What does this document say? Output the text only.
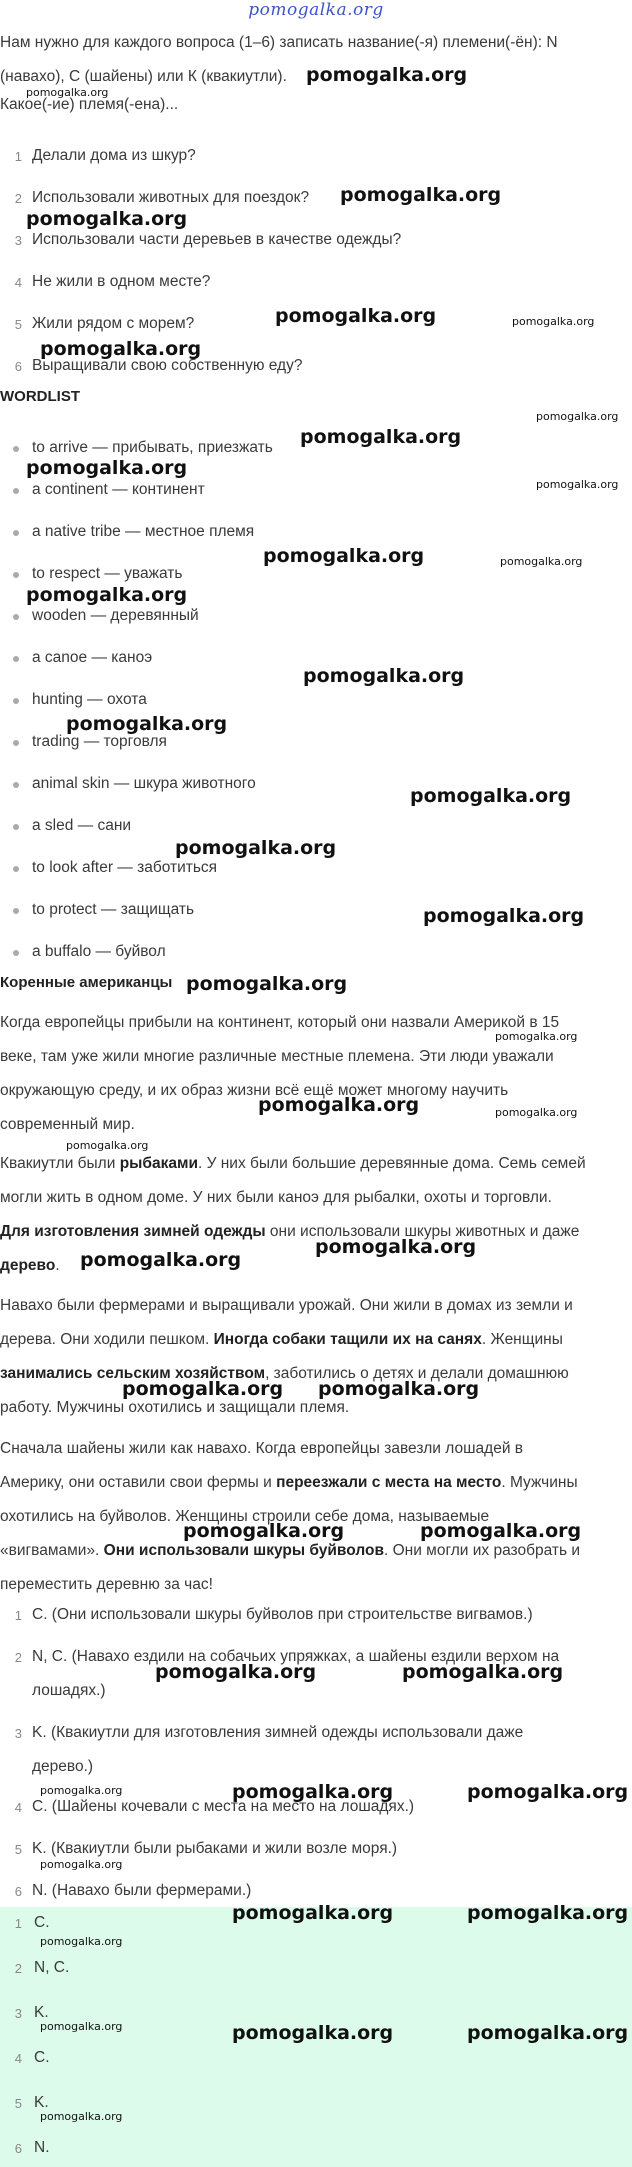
pomogalka.org
Нам нужно для каждого вопроса (1–6) записать название(-я) племени(-ён): N
(навахо), С (шайены) или К (квакиутли).
Какое(-ие) племя(-ена)...
1 Делали дома из шкур?
2 Использовали животных для поездок?
3 Использовали части деревьев в качестве одежды?
4 Не жили в одном месте?
5 Жили рядом с морем?
6 Выращивали свою собственную еду?
WORDLIST
to arrive — прибывать, приезжать
a continent — континент
a native tribe — местное племя
to respect — уважать
wooden — деревянный
a canoe — каноэ
hunting — охота
trading — торговля
animal skin — шкура животного
a sled — сани
to look after — заботиться
to protect — защищать
a buffalo — буйвол
Коренные американцы
Когда европейцы прибыли на континент, который они назвали Америкой в 15
веке, там уже жили многие различные местные племена. Эти люди уважали
окружающую среду, и их образ жизни всё ещё может многому научить
современный мир.
Квакиутли были рыбаками. У них были большие деревянные дома. Семь семей
могли жить в одном доме. У них были каноэ для рыбалки, охоты и торговли.
Для изготовления зимней одежды они использовали шкуры животных и даже
дерево.
Навахо были фермерами и выращивали урожай. Они жили в домах из земли и
дерева. Они ходили пешком. Иногда собаки тащили их на санях. Женщины
занимались сельским хозяйством, заботились о детях и делали домашнюю
работу. Мужчины охотились и защищали племя.
Сначала шайены жили как навахо. Когда европейцы завезли лошадей в
Америку, они оставили свои фермы и переезжали с места на место. Мужчины
охотились на буйволов. Женщины строили себе дома, называемые
«вигвамами». Они использовали шкуры буйволов. Они могли их разобрать и
переместить деревню за час!
1 C. (Они использовали шкуры буйволов при строительстве вигвамов.)
2 N, C. (Навахо ездили на собачьих упряжках, а шайены ездили верхом на
лошадях.)
3 K. (Квакиутли для изготовления зимней одежды использовали даже
дерево.)
4 C. (Шайены кочевали с места на место на лошадях.)
5 K. (Квакиутли были рыбаками и жили возле моря.)
6 N. (Навахо были фермерами.)
1 C.
2 N, C.
3 K.
4 C.
5 K.
6 N.
pomogalka.org
pomogalka.org
pomogalka.org
pomogalka.org
pomogalka.org	pomogalka.org
pomogalka.org
pomogalka.org
pomogalka.org
pomogalka.org
pomogalka.org
pomogalka.org	pomogalka.org
pomogalka.org
pomogalka.org
pomogalka.org
pomogalka.org
pomogalka.org
pomogalka.org
pomogalka.org
pomogalka.org
pomogalka.org	pomogalka.org
pomogalka.org
pomogalka.org
pomogalka.org
pomogalka.org pomogalka.org
pomogalka.org	pomogalka.org
pomogalka.org	pomogalka.org
pomogalka.org	pomogalka.org
pomogalka.org
pomogalka.org
pomogalka.org	pomogalka.org
pomogalka.org
pomogalka.org	pomogalka.org	pomogalka.org
pomogalka.org
